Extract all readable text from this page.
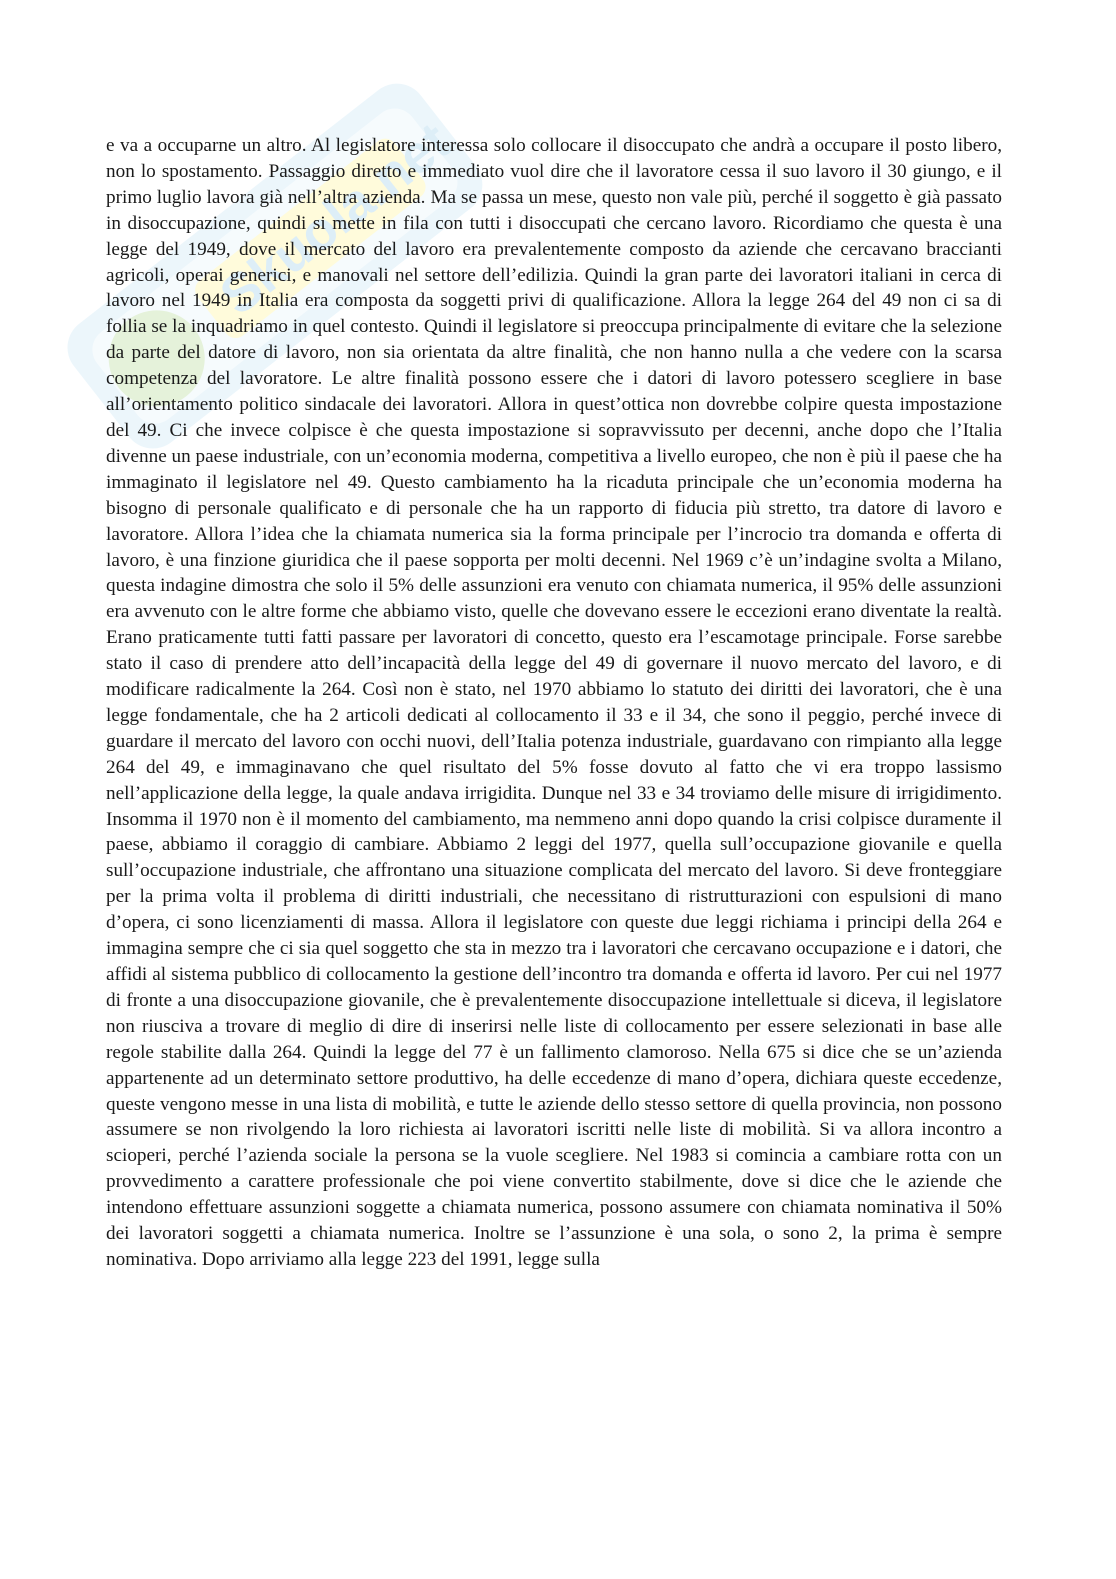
Skuola.net

e va a occuparne un altro. Al legislatore interessa solo collocare il disoccupato che andrà a occupare il posto libero, non lo spostamento. Passaggio diretto e immediato vuol dire che il lavoratore cessa il suo lavoro il 30 giungo, e il primo luglio lavora già nell’altra azienda. Ma se passa un mese, questo non vale più, perché il soggetto è già passato in disoccupazione, quindi si mette in fila con tutti i disoccupati che cercano lavoro. Ricordiamo che questa è una legge del 1949, dove il mercato del lavoro era prevalentemente composto da aziende che cercavano braccianti agricoli, operai generici, e manovali nel settore dell’edilizia. Quindi la gran parte dei lavoratori italiani in cerca di lavoro nel 1949 in Italia era composta da soggetti privi di qualificazione. Allora la legge 264 del 49 non ci sa di follia se la inquadriamo in quel contesto. Quindi il legislatore si preoccupa principalmente di evitare che la selezione da parte del datore di lavoro, non sia orientata da altre finalità, che non hanno nulla a che vedere con la scarsa competenza del lavoratore. Le altre finalità possono essere che i datori di lavoro potessero scegliere in base all’orientamento politico sindacale dei lavoratori. Allora in quest’ottica non dovrebbe colpire questa impostazione del 49. Ci che invece colpisce è che questa impostazione si sopravvissuto per decenni, anche dopo che l’Italia divenne un paese industriale, con un’economia moderna, competitiva a livello europeo, che non è più il paese che ha immaginato il legislatore nel 49. Questo cambiamento ha la ricaduta principale che un’economia moderna ha bisogno di personale qualificato e di personale che ha un rapporto di fiducia più stretto, tra datore di lavoro e lavoratore. Allora l’idea che la chiamata numerica sia la forma principale per l’incrocio tra domanda e offerta di lavoro, è una finzione giuridica che il paese sopporta per molti decenni. Nel 1969 c’è un’indagine svolta a Milano, questa indagine dimostra che solo il 5% delle assunzioni era venuto con chiamata numerica, il 95% delle assunzioni era avvenuto con le altre forme che abbiamo visto, quelle che dovevano essere le eccezioni erano diventate la realtà. Erano praticamente tutti fatti passare per lavoratori di concetto, questo era l’escamotage principale. Forse sarebbe stato il caso di prendere atto dell’incapacità della legge del 49 di governare il nuovo mercato del lavoro, e di modificare radicalmente la 264. Così non è stato, nel 1970 abbiamo lo statuto dei diritti dei lavoratori, che è una legge fondamentale, che ha 2 articoli dedicati al collocamento il 33 e il 34, che sono il peggio, perché invece di guardare il mercato del lavoro con occhi nuovi, dell’Italia potenza industriale, guardavano con rimpianto alla legge 264 del 49, e immaginavano che quel risultato del 5% fosse dovuto al fatto che vi era troppo lassismo nell’applicazione della legge, la quale andava irrigidita. Dunque nel 33 e 34 troviamo delle misure di irrigidimento. Insomma il 1970 non è il momento del cambiamento, ma nemmeno anni dopo quando la crisi colpisce duramente il paese, abbiamo il coraggio di cambiare. Abbiamo 2 leggi del 1977, quella sull’occupazione giovanile e quella sull’occupazione industriale, che affrontano una situazione complicata del mercato del lavoro. Si deve fronteggiare per la prima volta il problema di diritti industriali, che necessitano di ristrutturazioni con espulsioni di mano d’opera, ci sono licenziamenti di massa. Allora il legislatore con queste due leggi richiama i principi della 264 e immagina sempre che ci sia quel soggetto che sta in mezzo tra i lavoratori che cercavano occupazione e i datori, che affidi al sistema pubblico di collocamento la gestione dell’incontro tra domanda e offerta id lavoro. Per cui nel 1977 di fronte a una disoccupazione giovanile, che è prevalentemente disoccupazione intellettuale si diceva, il legislatore non riusciva a trovare di meglio di dire di inserirsi nelle liste di collocamento per essere selezionati in base alle regole stabilite dalla 264. Quindi la legge del 77 è un fallimento clamoroso. Nella 675 si dice che se un’azienda appartenente ad un determinato settore produttivo, ha delle eccedenze di mano d’opera, dichiara queste eccedenze, queste vengono messe in una lista di mobilità, e tutte le aziende dello stesso settore di quella provincia, non possono assumere se non rivolgendo la loro richiesta ai lavoratori iscritti nelle liste di mobilità. Si va allora incontro a scioperi, perché l’azienda sociale la persona se la vuole scegliere. Nel 1983 si comincia a cambiare rotta con un provvedimento a carattere professionale che poi viene convertito stabilmente, dove si dice che le aziende che intendono effettuare assunzioni soggette a chiamata numerica, possono assumere con chiamata nominativa il 50% dei lavoratori soggetti a chiamata numerica. Inoltre se l’assunzione è una sola, o sono 2, la prima è sempre nominativa. Dopo arriviamo alla legge 223 del 1991, legge sulla
